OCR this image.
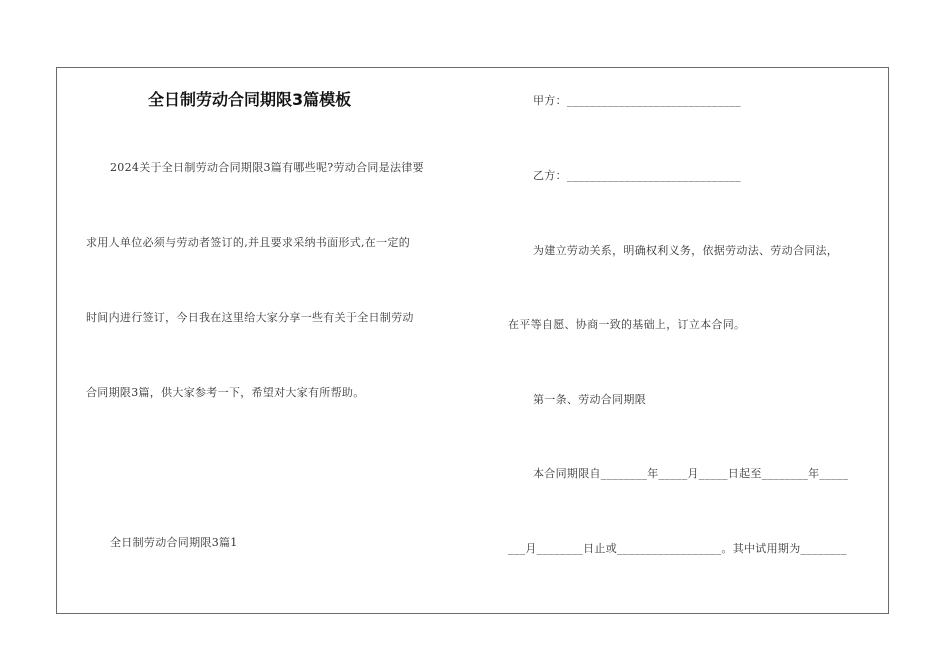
全日制劳动合同期限3篇模板
2024关于全日制劳动合同期限3篇有哪些呢?劳动合同是法律要
求用人单位必须与劳动者签订的,并且要求采纳书面形式,在一定的
时间内进行签订，今日我在这里给大家分享一些有关于全日制劳动
合同期限3篇，供大家参考一下，希望对大家有所帮助。
全日制劳动合同期限3篇1
甲方：______________________________
乙方：______________________________
为建立劳动关系，明确权利义务，依据劳动法、劳动合同法，
在平等自愿、协商一致的基础上，订立本合同。
第一条、劳动合同期限
本合同期限自________年_____月_____日起至________年_____
___月________日止或__________________。其中试用期为________
